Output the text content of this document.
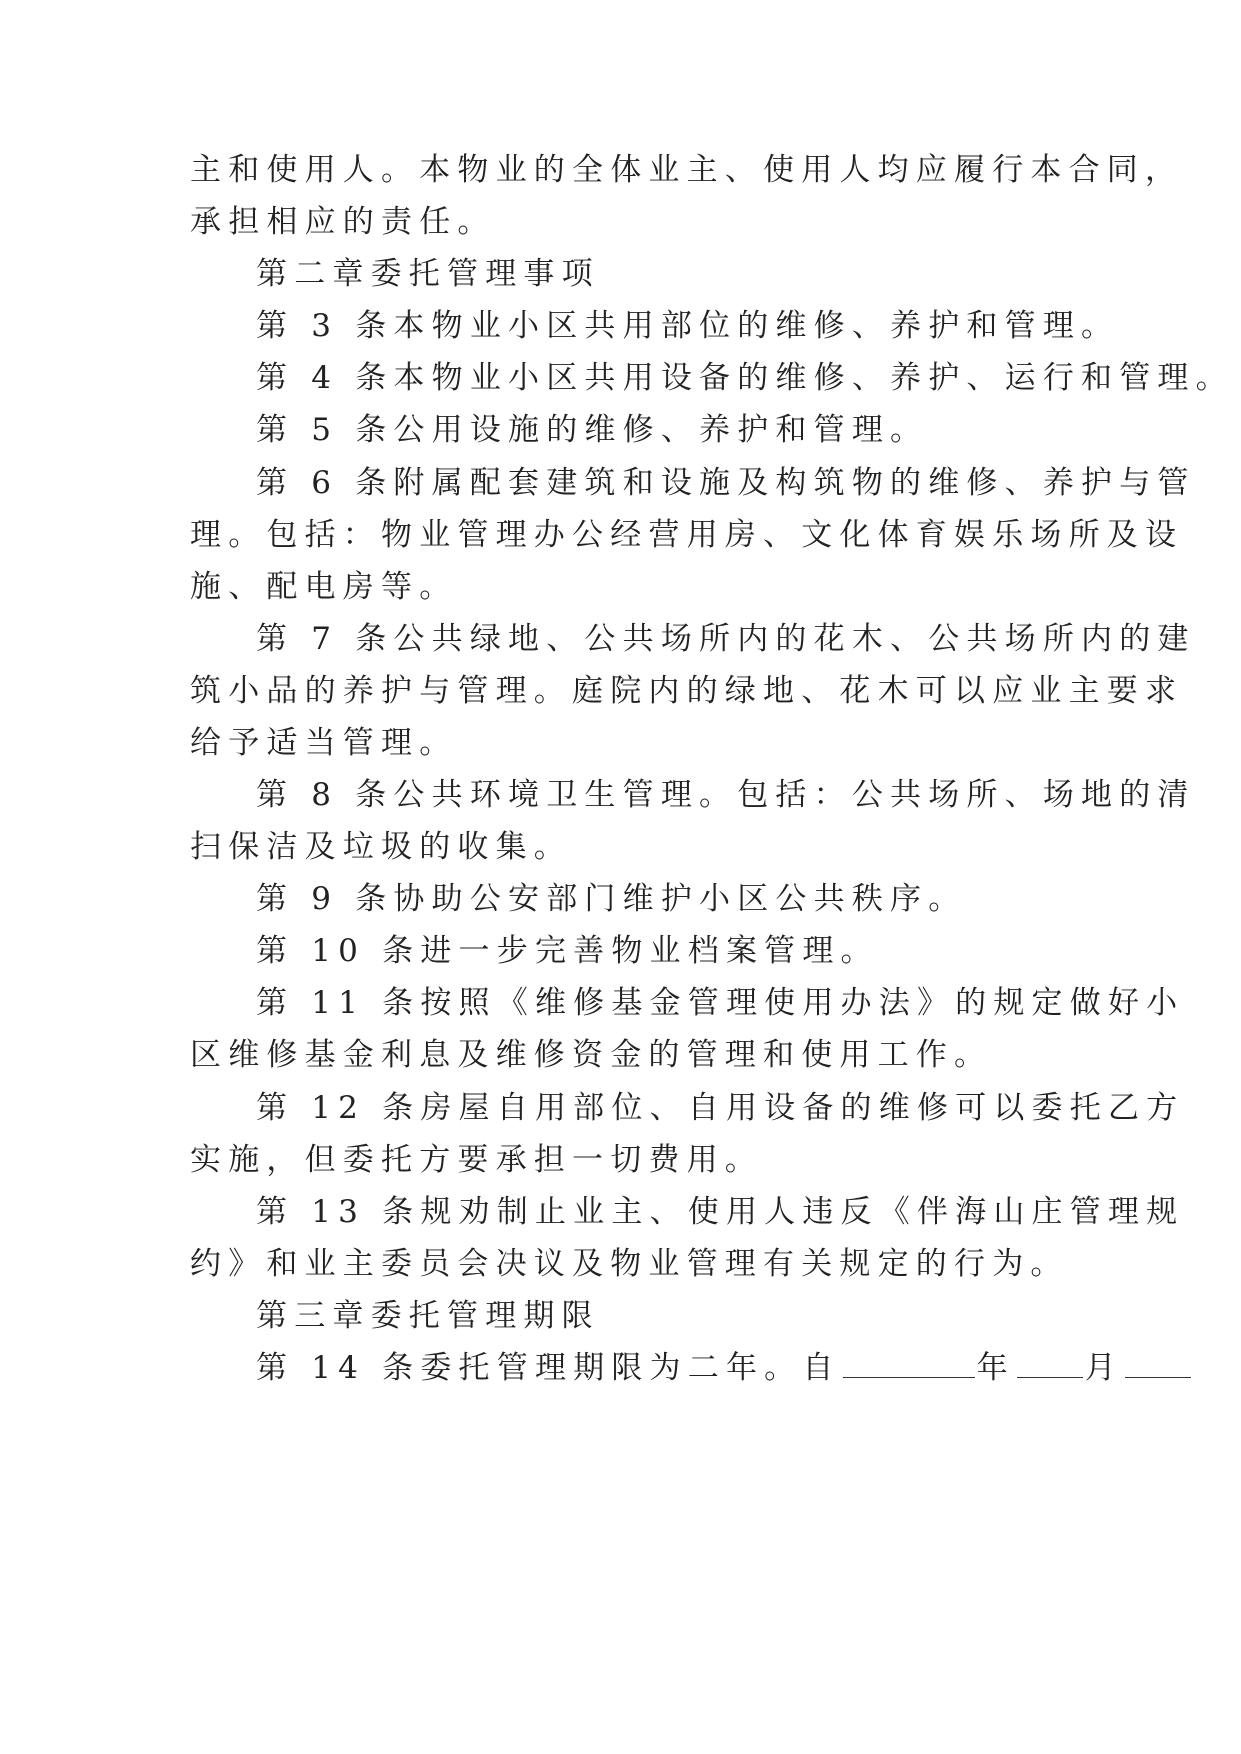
主和使用人。本物业的全体业主、使用人均应履行本合同，
承担相应的责任。
第二章委托管理事项
第 3 条本物业小区共用部位的维修、养护和管理。
第 4 条本物业小区共用设备的维修、养护、运行和管理。
第 5 条公用设施的维修、养护和管理。
第 6 条附属配套建筑和设施及构筑物的维修、养护与管
理。包括：物业管理办公经营用房、文化体育娱乐场所及设
施、配电房等。
第 7 条公共绿地、公共场所内的花木、公共场所内的建
筑小品的养护与管理。庭院内的绿地、花木可以应业主要求
给予适当管理。
第 8 条公共环境卫生管理。包括：公共场所、场地的清
扫保洁及垃圾的收集。
第 9 条协助公安部门维护小区公共秩序。
第 10 条进一步完善物业档案管理。
第 11 条按照《维修基金管理使用办法》的规定做好小
区维修基金利息及维修资金的管理和使用工作。
第 12 条房屋自用部位、自用设备的维修可以委托乙方
实施，但委托方要承担一切费用。
第 13 条规劝制止业主、使用人违反《伴海山庄管理规
约》和业主委员会决议及物业管理有关规定的行为。
第三章委托管理期限
第 14 条委托管理期限为二年。自	年 月
